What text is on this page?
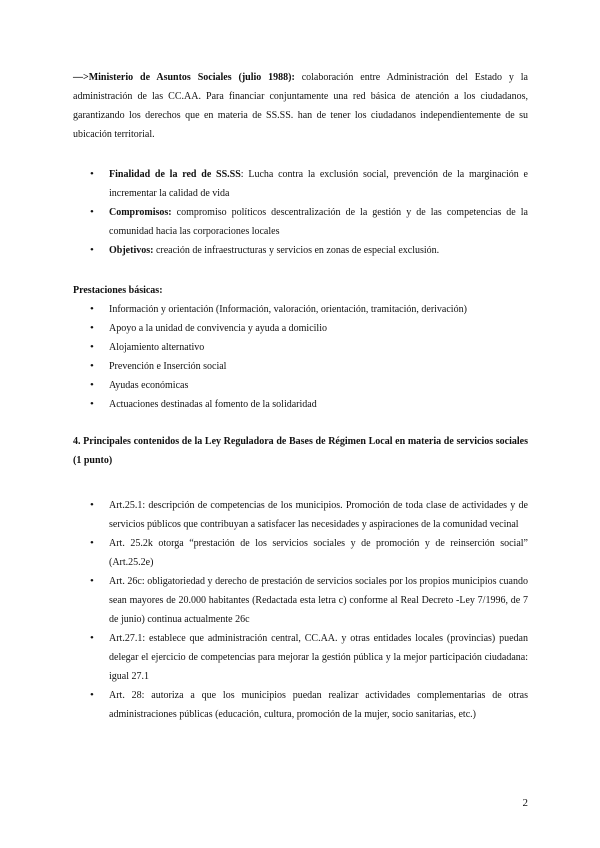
—>Ministerio de Asuntos Sociales (julio 1988): colaboración entre Administración del Estado y la administración de las CC.AA. Para financiar conjuntamente una red básica de atención a los ciudadanos, garantizando los derechos que en materia de SS.SS. han de tener los ciudadanos independientemente de su ubicación territorial.

• Finalidad de la red de SS.SS: Lucha contra la exclusión social, prevención de la marginación e incrementar la calidad de vida
• Compromisos: compromiso políticos descentralización de la gestión y de las competencias de la comunidad hacia las corporaciones locales
• Objetivos: creación de infraestructuras y servicios en zonas de especial exclusión.

Prestaciones básicas:

• Información y orientación (Información, valoración, orientación, tramitación, derivación)
• Apoyo a la unidad de convivencia y ayuda a domicilio
• Alojamiento alternativo
• Prevención e Inserción social
• Ayudas económicas
• Actuaciones destinadas al fomento de la solidaridad

4. Principales contenidos de la Ley Reguladora de Bases de Régimen Local en materia de servicios sociales (1 punto)

• Art.25.1: descripción de competencias de los municipios. Promoción de toda clase de actividades y de servicios públicos que contribuyan a satisfacer las necesidades y aspiraciones de la comunidad vecinal
• Art. 25.2k otorga “prestación de los servicios sociales y de promoción y de reinserción social” (Art.25.2e)
• Art. 26c: obligatoriedad y derecho de prestación de servicios sociales por los propios municipios cuando sean mayores de 20.000 habitantes (Redactada esta letra c) conforme al Real Decreto -Ley 7/1996, de 7 de junio) continua actualmente 26c
• Art.27.1: establece que administración central, CC.AA. y otras entidades locales (provincias) puedan delegar el ejercicio de competencias para mejorar la gestión pública y la mejor participación ciudadana: igual 27.1
• Art. 28: autoriza a que los municipios puedan realizar actividades complementarias de otras administraciones públicas (educación, cultura, promoción de la mujer, socio sanitarias, etc.)
2
